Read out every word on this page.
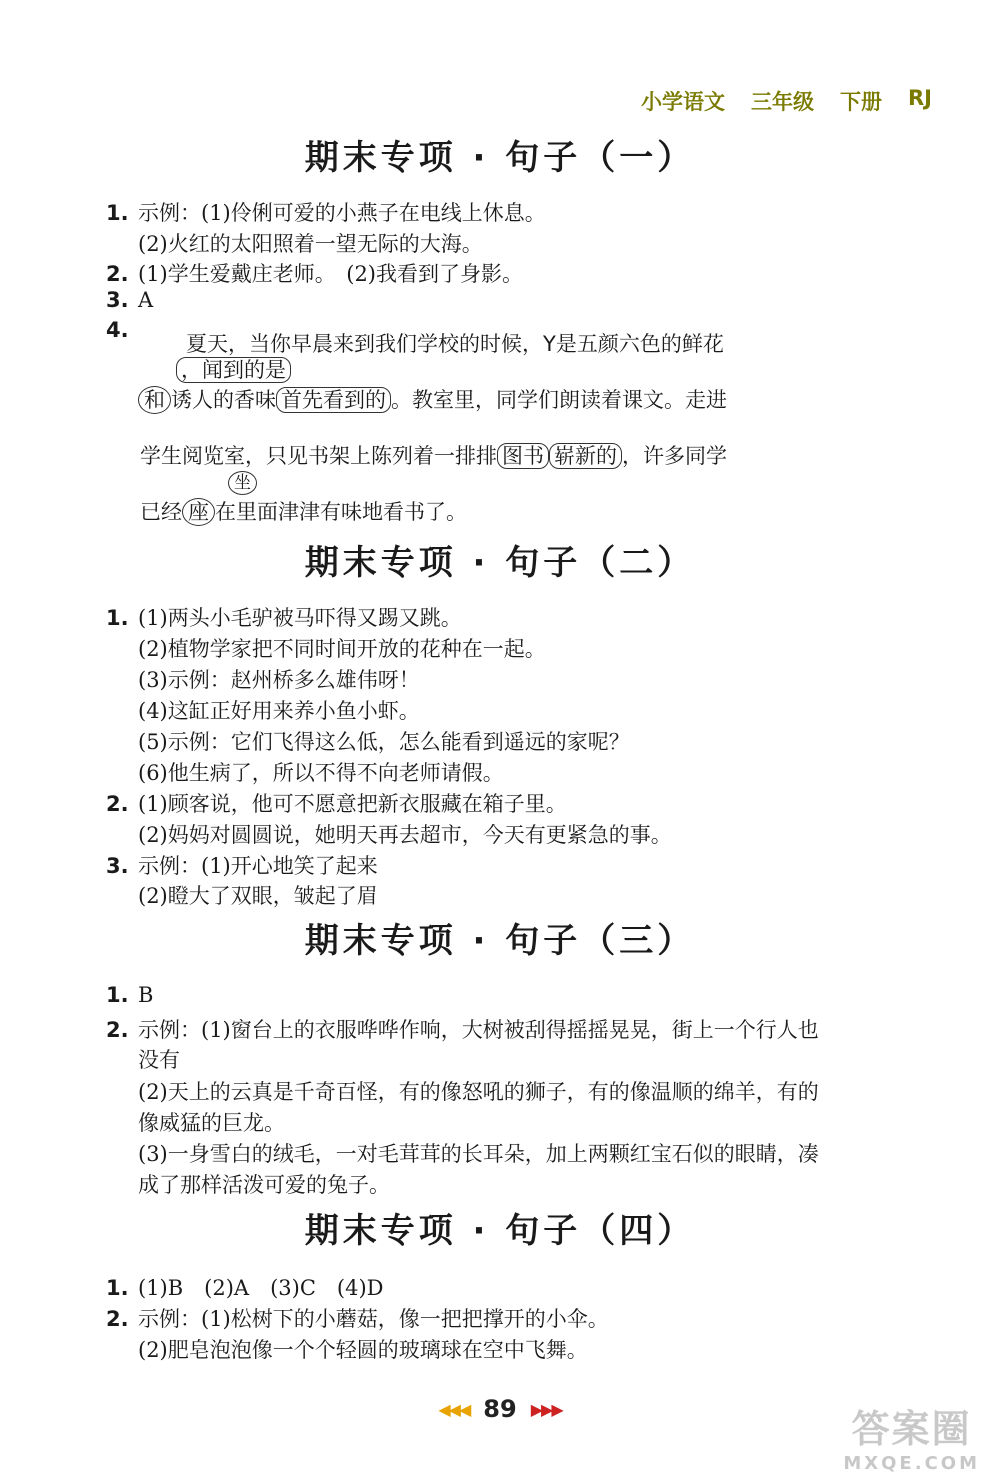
小学语文 三年级 下册 RJ
期末专项 · 句子（一）
1. 示例：(1)伶俐可爱的小燕子在电线上休息。
(2)火红的太阳照着一望无际的大海。
2. (1)学生爱戴庄老师。　(2)我看到了身影。
3. A
4.
夏天，当你早晨来到我们学校的时候，Y是五颜六色的鲜花
，闻到的是
和 诱人的香味 首先看到的 。教室里，同学们朗读着课文。走进
学生阅览室，只见书架上陈列着一排排 图书 崭新的 ，许多同学
坐
已经 座 在里面津津有味地看书了。
期末专项 · 句子（二）
1. (1)两头小毛驴被马吓得又踢又跳。
(2)植物学家把不同时间开放的花种在一起。
(3)示例：赵州桥多么雄伟呀！
(4)这缸正好用来养小鱼小虾。
(5)示例：它们飞得这么低，怎么能看到遥远的家呢？
(6)他生病了，所以不得不向老师请假。
2. (1)顾客说，他可不愿意把新衣服藏在箱子里。
(2)妈妈对圆圆说，她明天再去超市，今天有更紧急的事。
3. 示例：(1)开心地笑了起来
(2)瞪大了双眼，皱起了眉
期末专项 · 句子（三）
1. B
2. 示例：(1)窗台上的衣服哗哗作响，大树被刮得摇摇晃晃，街上一个行人也
没有
(2)天上的云真是千奇百怪，有的像怒吼的狮子，有的像温顺的绵羊，有的
像威猛的巨龙。
(3)一身雪白的绒毛，一对毛茸茸的长耳朵，加上两颗红宝石似的眼睛，凑
成了那样活泼可爱的兔子。
期末专项 · 句子（四）
1. (1)B　(2)A　(3)C　(4)D
2. 示例：(1)松树下的小蘑菇，像一把把撑开的小伞。
(2)肥皂泡泡像一个个轻圆的玻璃球在空中飞舞。
◀◀◀ 89 ▶▶▶	答案圈
MXQE.COM
